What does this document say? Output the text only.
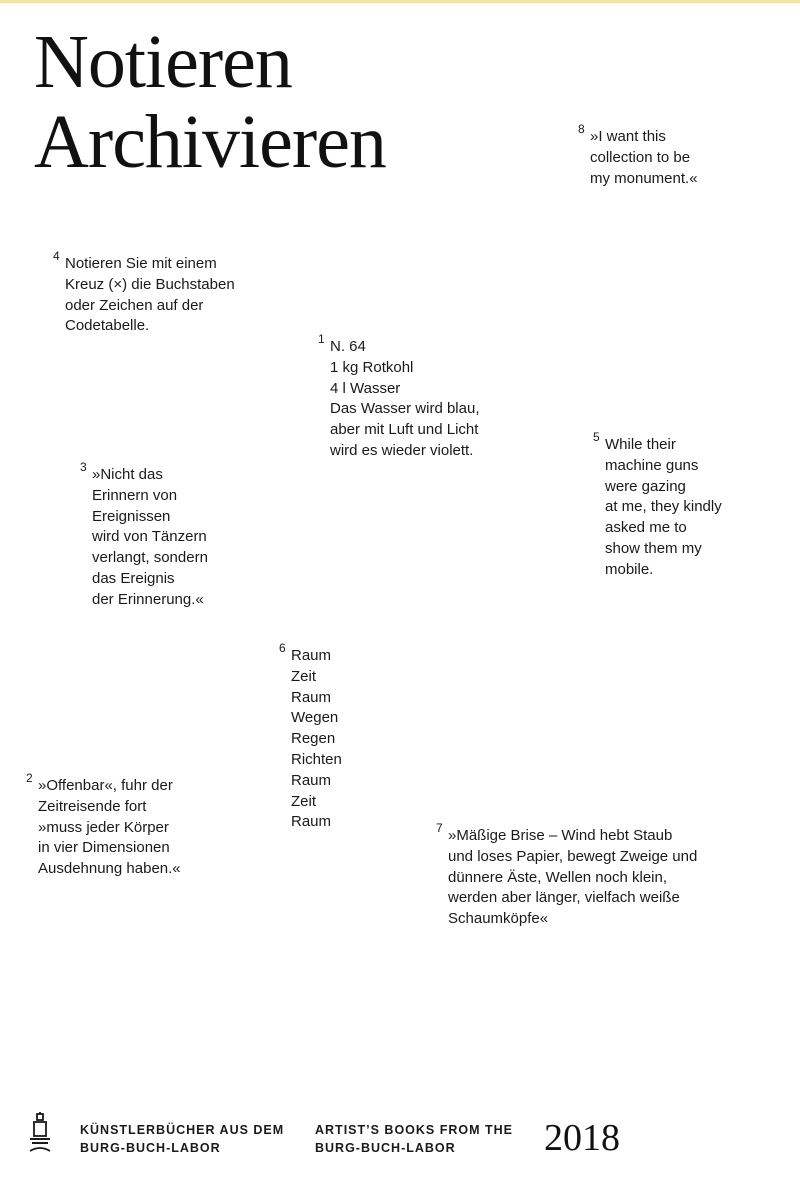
Notieren
Archivieren	8 »I want this
collection to be
my monument.«
4 Notieren Sie mit einem
Kreuz (×) die Buchstaben
oder Zeichen auf der
Codetabelle.
1 N. 64
1 kg Rotkohl
4 l Wasser
Das Wasser wird blau,
aber mit Luft und Licht
wird es wieder violett.
5 While their
machine guns
were gazing
at me, they kindly
asked me to
show them my
mobile.
3 »Nicht das
Erinnern von
Ereignissen
wird von Tänzern
verlangt, sondern
das Ereignis
der Erinnerung.«
6 Raum
Zeit
Raum
Wegen
Regen
Richten
Raum
Zeit
Raum
2 »Offenbar«, fuhr der
Zeitreisende fort
»muss jeder Körper
in vier Dimensionen
Ausdehnung haben.«
7 »Mäßige Brise – Wind hebt Staub
und loses Papier, bewegt Zweige und
dünnere Äste, Wellen noch klein,
werden aber länger, vielfach weiße
Schaumköpfe«
KÜNSTLERBÜCHER AUS DEM
BURG-BUCH-LABOR
ARTIST’S BOOKS FROM THE
BURG-BUCH-LABOR	2018
